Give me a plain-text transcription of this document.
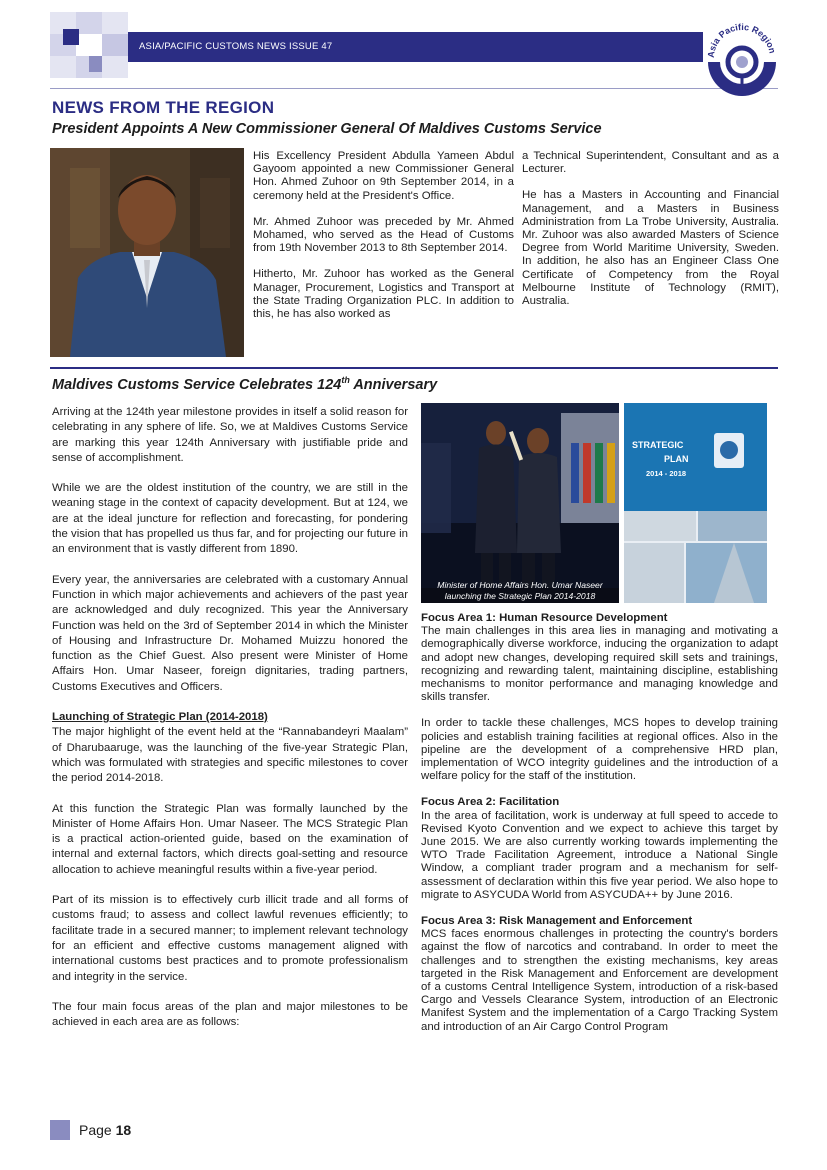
ASIA/PACIFIC CUSTOMS NEWS ISSUE 47
Asia Pacific Region
NEWS FROM THE REGION
President Appoints A New Commissioner General Of Maldives Customs Service

His Excellency President Abdulla Yameen Abdul Gayoom appointed a new Commissioner General Hon. Ahmed Zuhoor on 9th September 2014, in a ceremony held at the President's Office.

Mr. Ahmed Zuhoor was preceded by Mr. Ahmed Mohamed, who served as the Head of Customs from 19th November 2013 to 8th September 2014.

Hitherto, Mr. Zuhoor has worked as the General Manager, Procurement, Logistics and Transport at the State Trading Organization PLC. In addition to this, he has also worked as

a Technical Superintendent, Consultant and as a Lecturer.

He has a Masters in Accounting and Financial Management, and a Masters in Business Administration from La Trobe University, Australia. Mr. Zuhoor was also awarded Masters of Science Degree from World Maritime University, Sweden. In addition, he also has an Engineer Class One Certificate of Competency from the Royal Melbourne Institute of Technology (RMIT), Australia.

Maldives Customs Service Celebrates 124th Anniversary

Arriving at the 124th year milestone provides in itself a solid reason for celebrating in any sphere of life. So, we at Maldives Customs Service are marking this year 124th Anniversary with justifiable pride and sense of accomplishment.

While we are the oldest institution of the country, we are still in the weaning stage in the context of capacity development. But at 124, we are at the ideal juncture for reflection and forecasting, for pondering the vision that has propelled us thus far, and for projecting our future in an environment that is vastly different from 1890.

Every year, the anniversaries are celebrated with a customary Annual Function in which major achievements and achievers of the past year are acknowledged and duly recognized. This year the Anniversary Function was held on the 3rd of September 2014 in which the Minister of Housing and Infrastructure Dr. Mohamed Muizzu honored the function as the Chief Guest. Also present were Minister of Home Affairs Hon. Umar Naseer, foreign dignitaries, trading partners, Customs Executives and Officers.

Launching of Strategic Plan (2014-2018)

The major highlight of the event held at the “Rannabandeyri Maalam” of Dharubaaruge, was the launching of the five-year Strategic Plan, which was formulated with strategies and specific milestones to cover the period 2014-2018.

At this function the Strategic Plan was formally launched by the Minister of Home Affairs Hon. Umar Naseer. The MCS Strategic Plan is a practical action-oriented guide, based on the examination of internal and external factors, which directs goal-setting and resource allocation to achieve meaningful results within a five-year period.

Part of its mission is to effectively curb illicit trade and all forms of customs fraud; to assess and collect lawful revenues efficiently; to facilitate trade in a secured manner; to implement relevant technology for an efficient and effective customs management aligned with international customs best practices and to promote professionalism and integrity in the service.

The four main focus areas of the plan and major milestones to be achieved in each area are as follows:

Minister of Home Affairs Hon. Umar Naseer launching the Strategic Plan 2014-2018
STRATEGIC
PLAN
2014 - 2018

Focus Area 1: Human Resource Development

The main challenges in this area lies in managing and motivating a demographically diverse workforce, inducing the organization to adapt and adopt new changes, developing required skill sets and trainings, recognizing and rewarding talent, maintaining discipline, establishing mechanisms to monitor performance and managing knowledge and skills transfer.

In order to tackle these challenges, MCS hopes to develop training policies and establish training facilities at regional offices. Also in the pipeline are the development of a comprehensive HRD plan, implementation of WCO integrity guidelines and the introduction of a welfare policy for the staff of the institution.

Focus Area 2: Facilitation

In the area of facilitation, work is underway at full speed to accede to Revised Kyoto Convention and we expect to achieve this target by June 2015. We are also currently working towards implementing the WTO Trade Facilitation Agreement, introduce a National Single Window, a compliant trader program and a mechanism for self-assessment of declaration within this five year period. We also hope to migrate to ASYCUDA World from ASYCUDA++ by June 2016.

Focus Area 3: Risk Management and Enforcement

MCS faces enormous challenges in protecting the country's borders against the flow of narcotics and contraband. In order to meet the challenges and to strengthen the existing mechanisms, key areas targeted in the Risk Management and Enforcement are development of a customs Central Intelligence System, introduction of a risk-based Cargo and Vessels Clearance System, introduction of an Electronic Manifest System and the implementation of a Cargo Tracking System and introduction of an Air Cargo Control Program

Page 18
